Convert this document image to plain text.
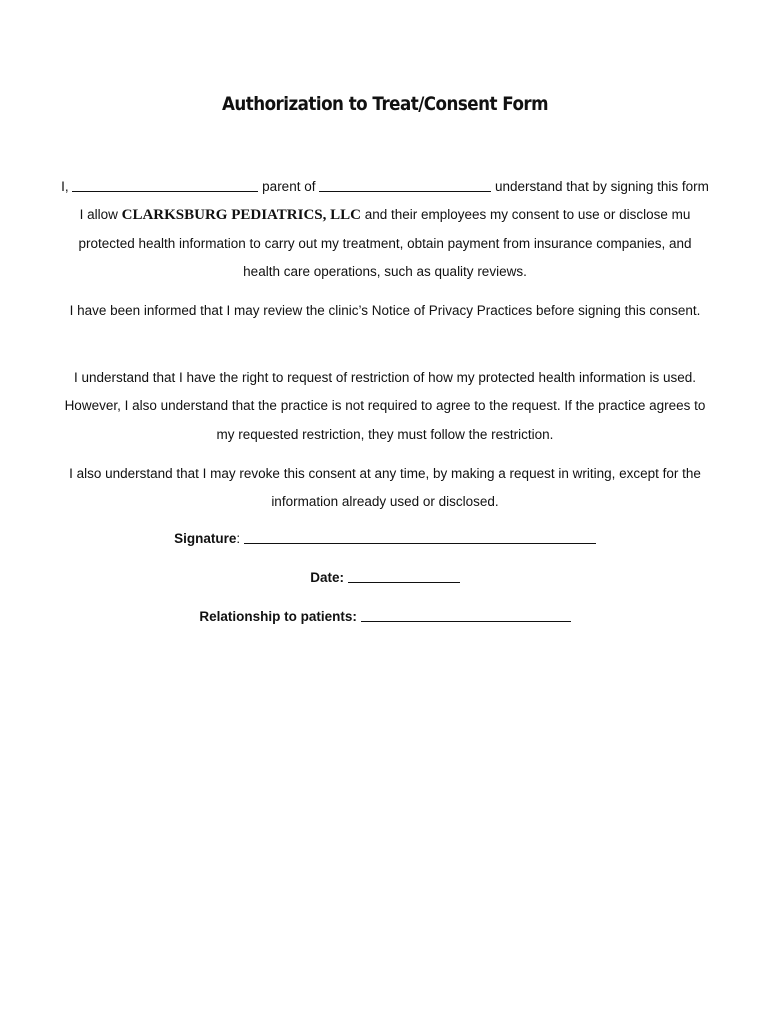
Authorization to Treat/Consent Form

I,	parent of	understand that by signing this form I allow CLARKSBURG PEDIATRICS, LLC and their employees my consent to use or disclose mu protected health information to carry out my treatment, obtain payment from insurance companies, and health care operations, such as quality reviews.

I have been informed that I may review the clinic’s Notice of Privacy Practices before signing this consent.

I understand that I have the right to request of restriction of how my protected health information is used. However, I also understand that the practice is not required to agree to the request. If the practice agrees to my requested restriction, they must follow the restriction.

I also understand that I may revoke this consent at any time, by making a request in writing, except for the information already used or disclosed.

Signature:
Date:
Relationship to patients:
